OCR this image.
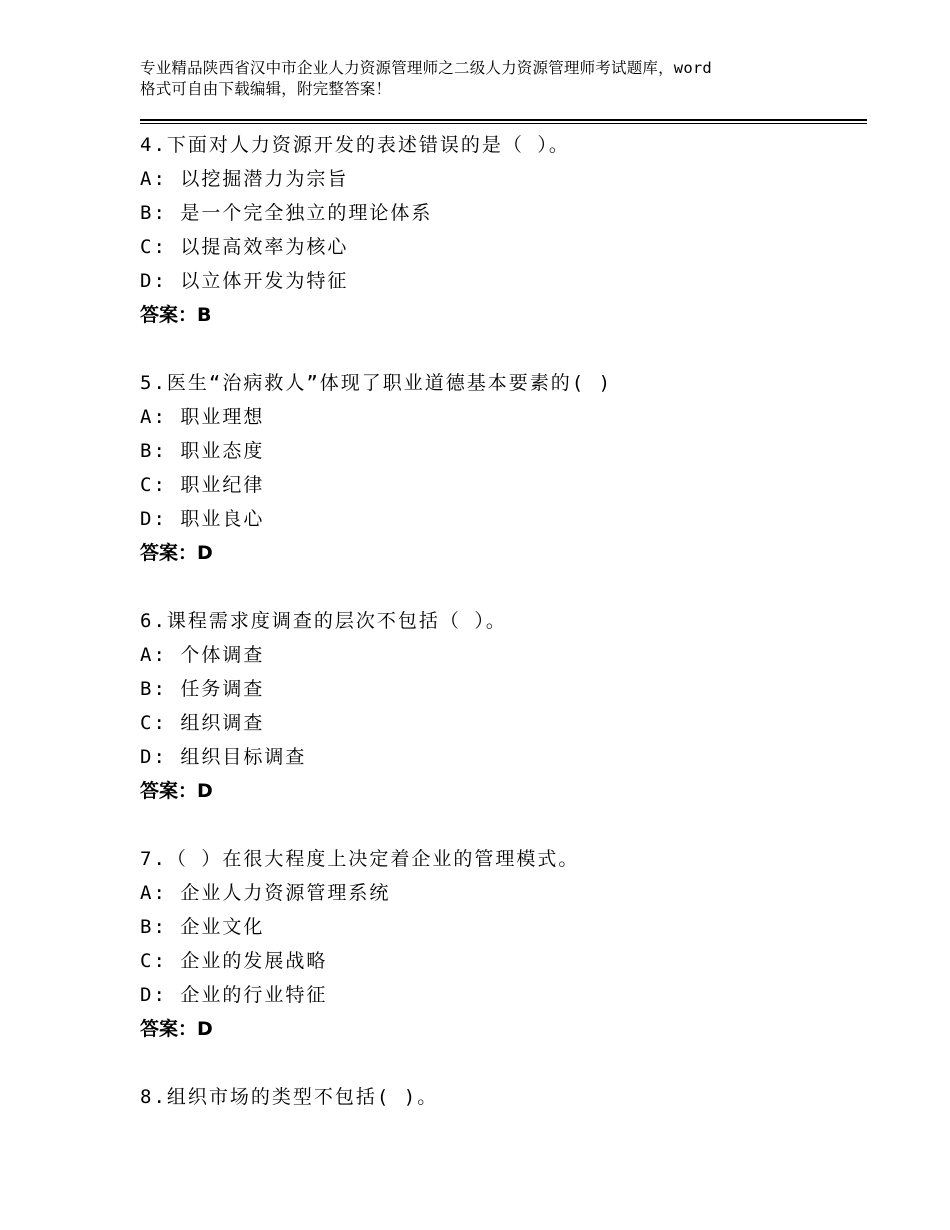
专业精品陕西省汉中市企业人力资源管理师之二级人力资源管理师考试题库，word
格式可自由下载编辑，附完整答案！
4.下面对人力资源开发的表述错误的是（ ）。
A: 以挖掘潜力为宗旨
B: 是一个完全独立的理论体系
C: 以提高效率为核心
D: 以立体开发为特征
答案：B
5.医生“治病救人”体现了职业道德基本要素的( )
A: 职业理想
B: 职业态度
C: 职业纪律
D: 职业良心
答案：D
6.课程需求度调查的层次不包括（ ）。
A: 个体调查
B: 任务调查
C: 组织调查
D: 组织目标调查
答案：D
7.（ ）在很大程度上决定着企业的管理模式。
A: 企业人力资源管理系统
B: 企业文化
C: 企业的发展战略
D: 企业的行业特征
答案：D
8.组织市场的类型不包括( )。
